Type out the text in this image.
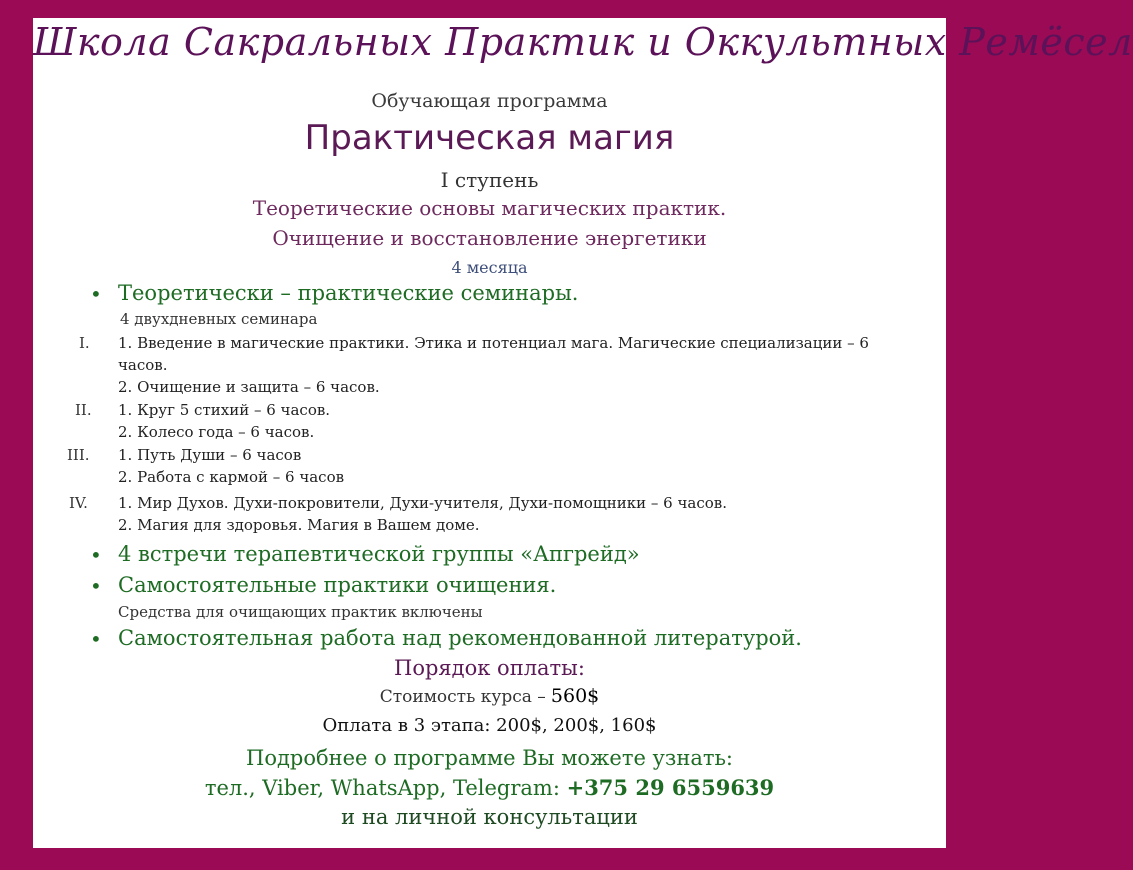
Школа Сакральных Практик и Оккультных Ремёсел
Обучающая программа
Практическая магия
I ступень
Теоретические основы магических практик.
Очищение и восстановление энергетики
4 месяца
• Теоретически – практические семинары.
4 двухдневных семинара
I. 1. Введение в магические практики. Этика и потенциал мага. Магические специализации – 6
часов.
2. Очищение и защита – 6 часов.
II. 1. Круг 5 стихий – 6 часов.
2. Колесо года – 6 часов.
III. 1. Путь Души – 6 часов
2. Работа с кармой – 6 часов
IV. 1. Мир Духов. Духи-покровители, Духи-учителя, Духи-помощники – 6 часов.
2. Магия для здоровья. Магия в Вашем доме.
• 4 встречи терапевтической группы «Апгрейд»
• Самостоятельные практики очищения.
Средства для очищающих практик включены
• Самостоятельная работа над рекомендованной литературой.
Порядок оплаты:
Стоимость курса – 560$
Оплата в 3 этапа: 200$, 200$, 160$
Подробнее о программе Вы можете узнать:
тел., Viber, WhatsApp, Telegram: +375 29 6559639
и на личной консультации
